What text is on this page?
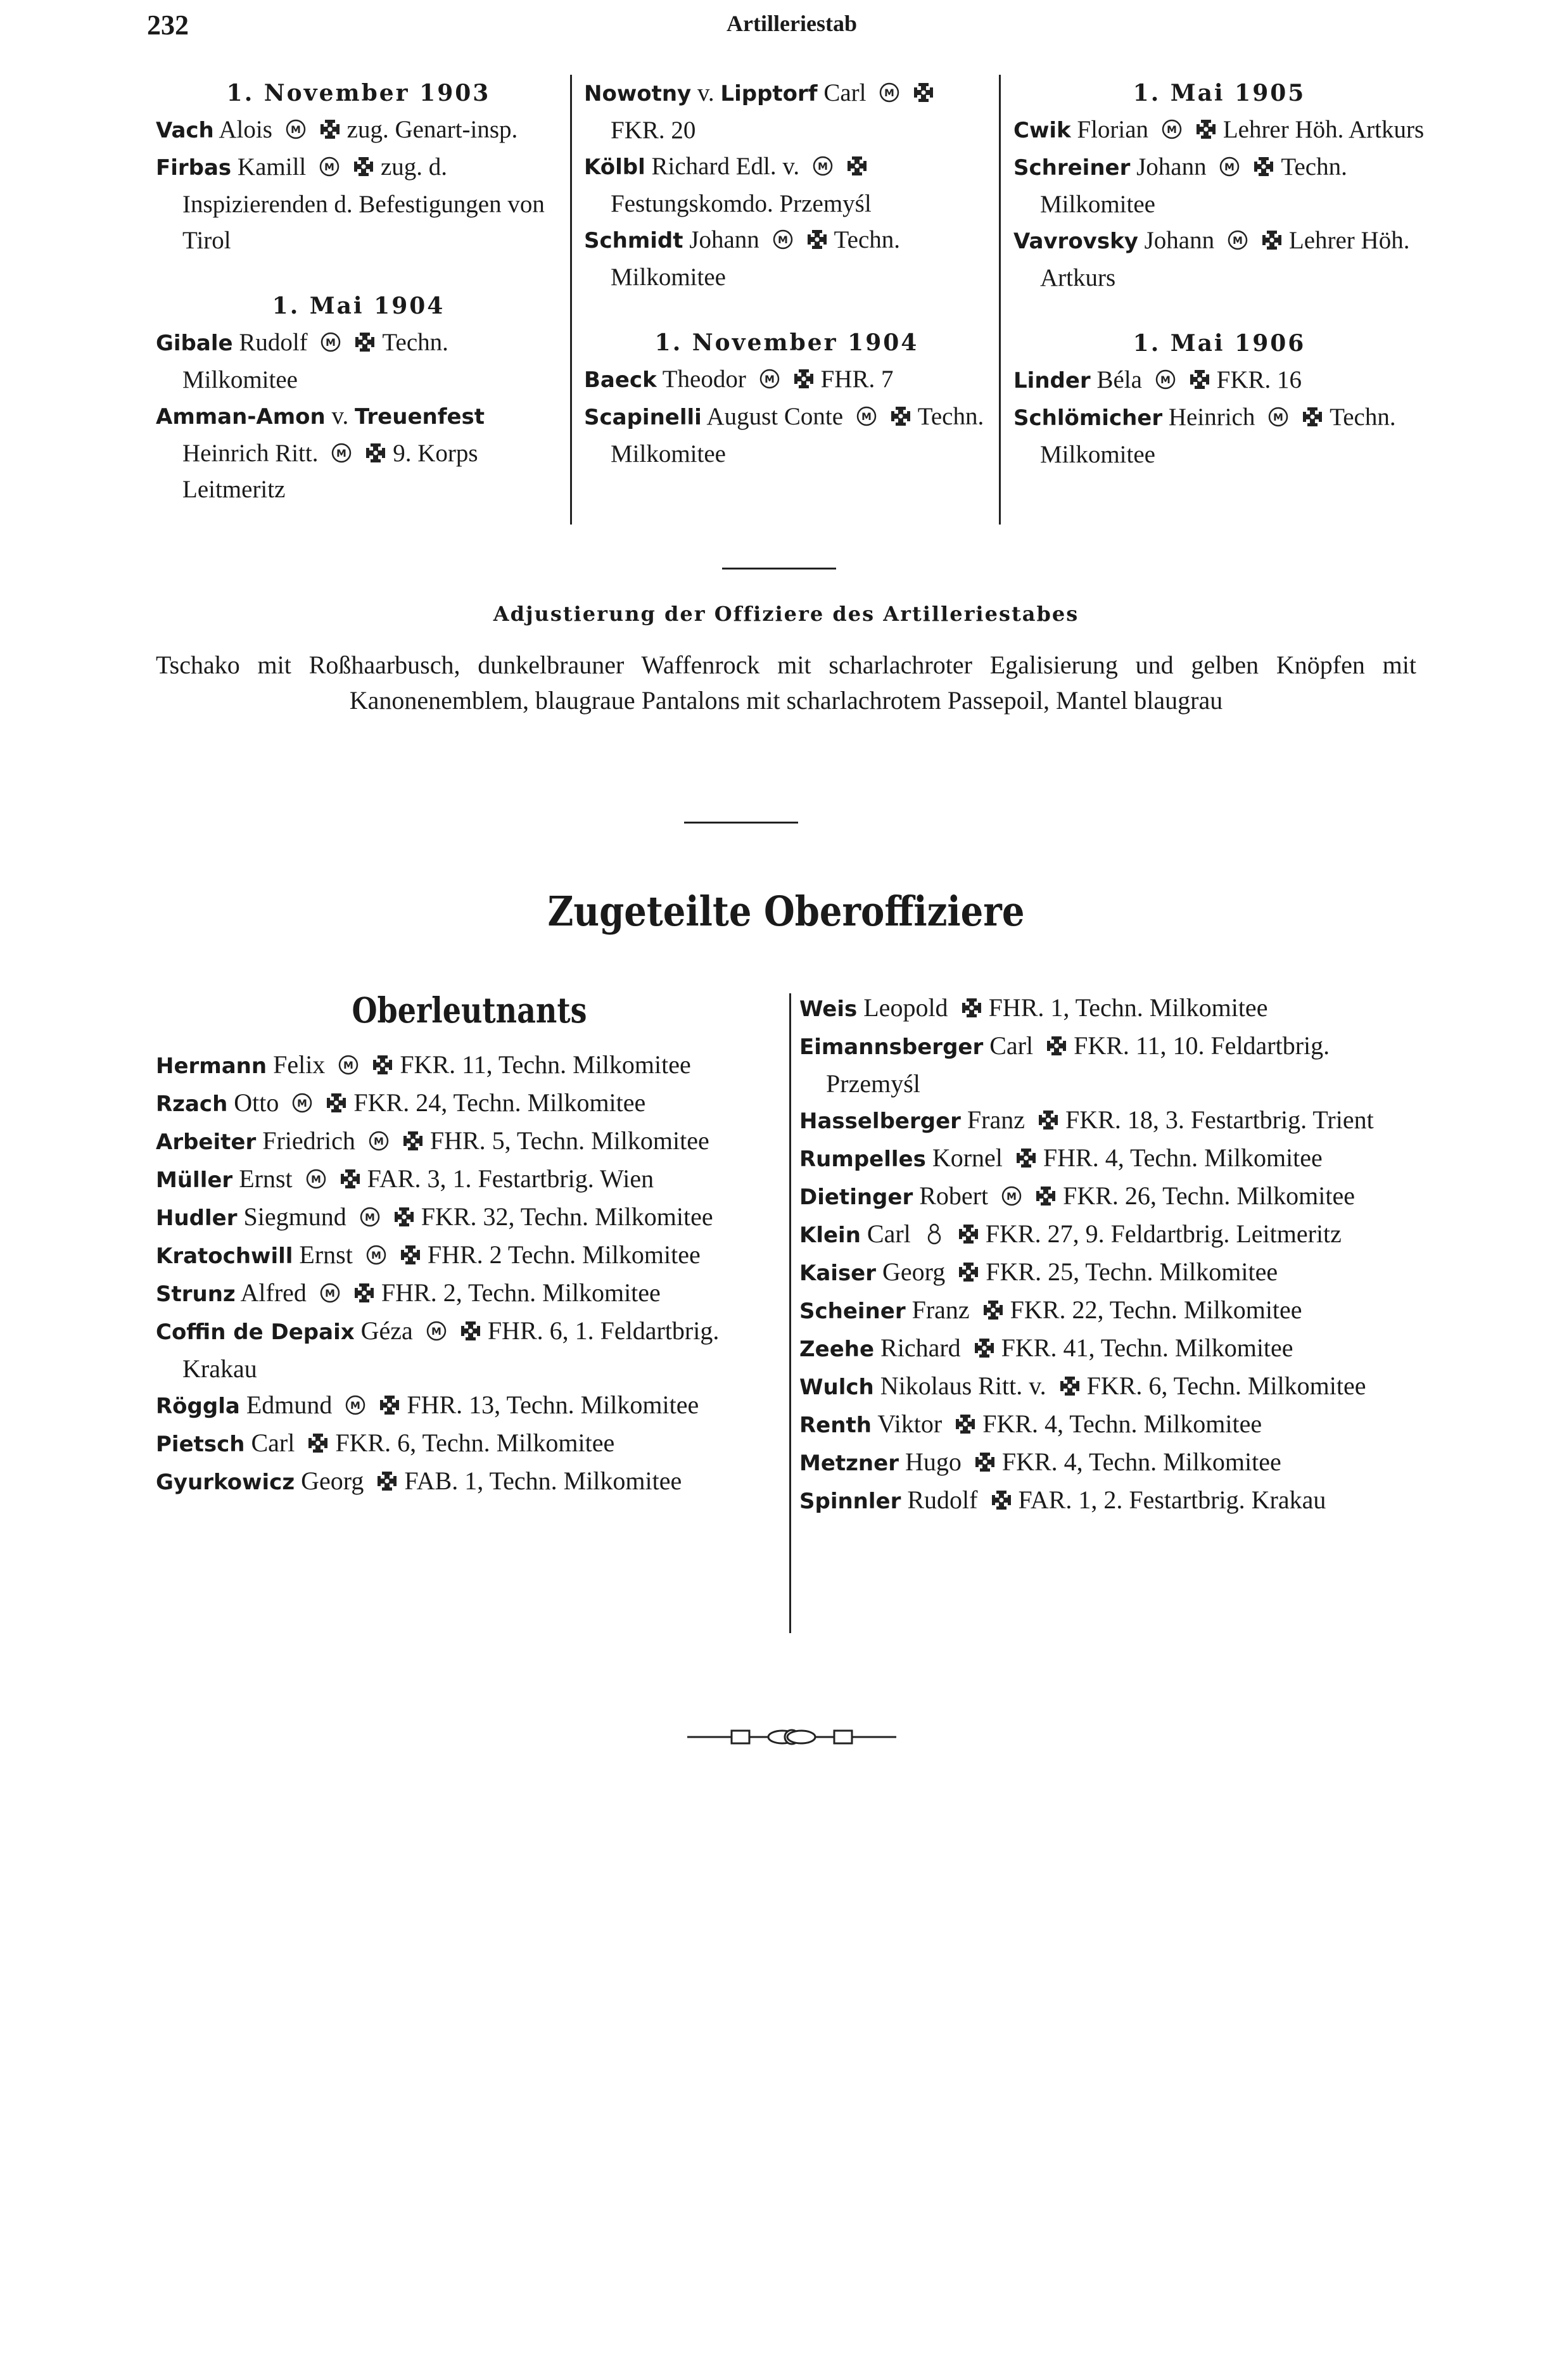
232	Artilleriestab
1. November 1903
Vach Alois M zug. Genart-insp.
Firbas Kamill M zug. d. Inspizierenden d. Befestigungen von Tirol
1. Mai 1904
Gibale Rudolf M Techn. Milkomitee
Amman-Amon v. Treuenfest Heinrich Ritt. M 9. Korps Leitmeritz
Nowotny v. Lipptorf Carl M
FKR. 20
Kölbl Richard Edl. v. M
Festungskomdo. Przemyśl
Schmidt Johann M Techn. Milkomitee
1. November 1904
Baeck Theodor M FHR. 7
Scapinelli August Conte M Techn. Milkomitee
1. Mai 1905
Cwik Florian M Lehrer Höh. Artkurs
Schreiner Johann M Techn. Milkomitee
Vavrovsky Johann M Lehrer Höh. Artkurs
1. Mai 1906
Linder Béla M FKR. 16
Schlömicher Heinrich M Techn. Milkomitee
Adjustierung der Offiziere des Artilleriestabes
Tschako mit Roßhaarbusch, dunkelbrauner Waffenrock mit scharlachroter Egalisierung und gelben Knöpfen mit Kanonenemblem, blaugraue Pantalons mit scharlachrotem Passepoil, Mantel blaugrau
Zugeteilte Oberoffiziere
Oberleutnants
Hermann Felix M FKR. 11, Techn. Milkomitee
Rzach Otto M FKR. 24, Techn. Milkomitee
Arbeiter Friedrich M FHR. 5, Techn. Milkomitee
Müller Ernst M FAR. 3, 1. Festartbrig. Wien
Hudler Siegmund M FKR. 32, Techn. Milkomitee
Kratochwill Ernst M FHR. 2 Techn. Milkomitee
Strunz Alfred M FHR. 2, Techn. Milkomitee
Coffin de Depaix Géza M FHR. 6, 1. Feldartbrig. Krakau
Röggla Edmund M FHR. 13, Techn. Milkomitee
Pietsch Carl FKR. 6, Techn. Milkomitee
Gyurkowicz Georg FAB. 1, Techn. Milkomitee
Weis Leopold FHR. 1, Techn. Milkomitee
Eimannsberger Carl FKR. 11, 10. Feldartbrig. Przemyśl
Hasselberger Franz FKR. 18, 3. Festartbrig. Trient
Rumpelles Kornel FHR. 4, Techn. Milkomitee
Dietinger Robert M FKR. 26, Techn. Milkomitee
Klein Carl	FKR. 27, 9. Feldartbrig. Leitmeritz
Kaiser Georg FKR. 25, Techn. Milkomitee
Scheiner Franz FKR. 22, Techn. Milkomitee
Zeehe Richard FKR. 41, Techn. Milkomitee
Wulch Nikolaus Ritt. v. FKR. 6, Techn. Milkomitee
Renth Viktor FKR. 4, Techn. Milkomitee
Metzner Hugo FKR. 4, Techn. Milkomitee
Spinnler Rudolf FAR. 1, 2. Festartbrig. Krakau
